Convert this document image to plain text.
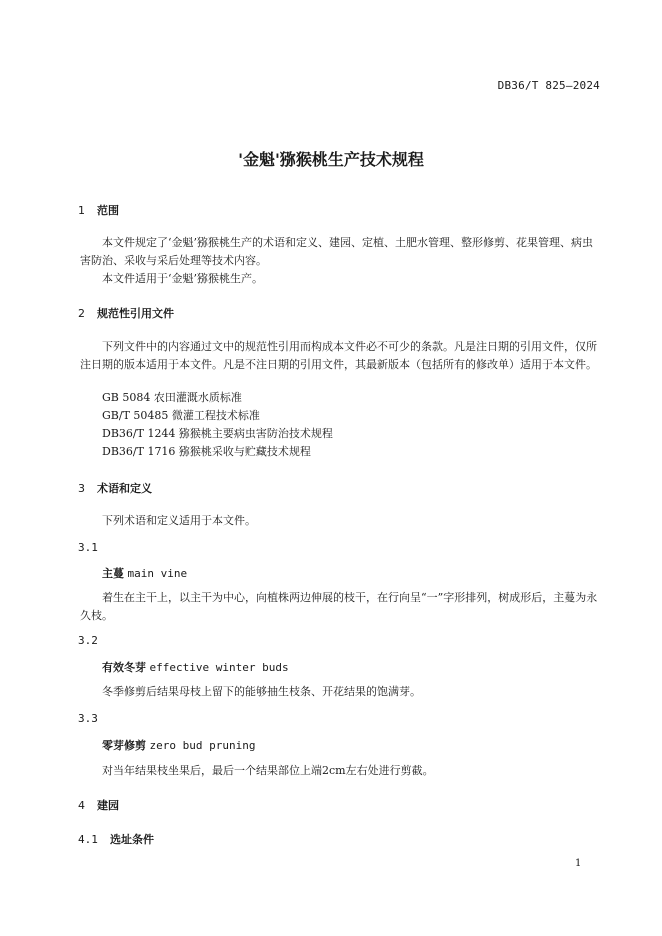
DB36/T 825—2024
'金魁'猕猴桃生产技术规程
1 范围
本文件规定了‘金魁’猕猴桃生产的术语和定义、建园、定植、土肥水管理、整形修剪、花果管理、病虫害防治、采收与采后处理等技术内容。
本文件适用于‘金魁’猕猴桃生产。
2 规范性引用文件
下列文件中的内容通过文中的规范性引用而构成本文件必不可少的条款。凡是注日期的引用文件，仅所注日期的版本适用于本文件。凡是不注日期的引用文件，其最新版本（包括所有的修改单）适用于本文件。
GB 5084 农田灌溉水质标准
GB/T 50485 微灌工程技术标准
DB36/T 1244 猕猴桃主要病虫害防治技术规程
DB36/T 1716 猕猴桃采收与贮藏技术规程
3 术语和定义
下列术语和定义适用于本文件。
3.1
主蔓 main vine
着生在主干上，以主干为中心，向植株两边伸展的枝干，在行向呈“一”字形排列，树成形后，主蔓为永久枝。
3.2
有效冬芽 effective winter buds
冬季修剪后结果母枝上留下的能够抽生枝条、开花结果的饱满芽。
3.3
零芽修剪 zero bud pruning
对当年结果枝坐果后，最后一个结果部位上端2cm左右处进行剪截。
4 建园
4.1 选址条件
1
